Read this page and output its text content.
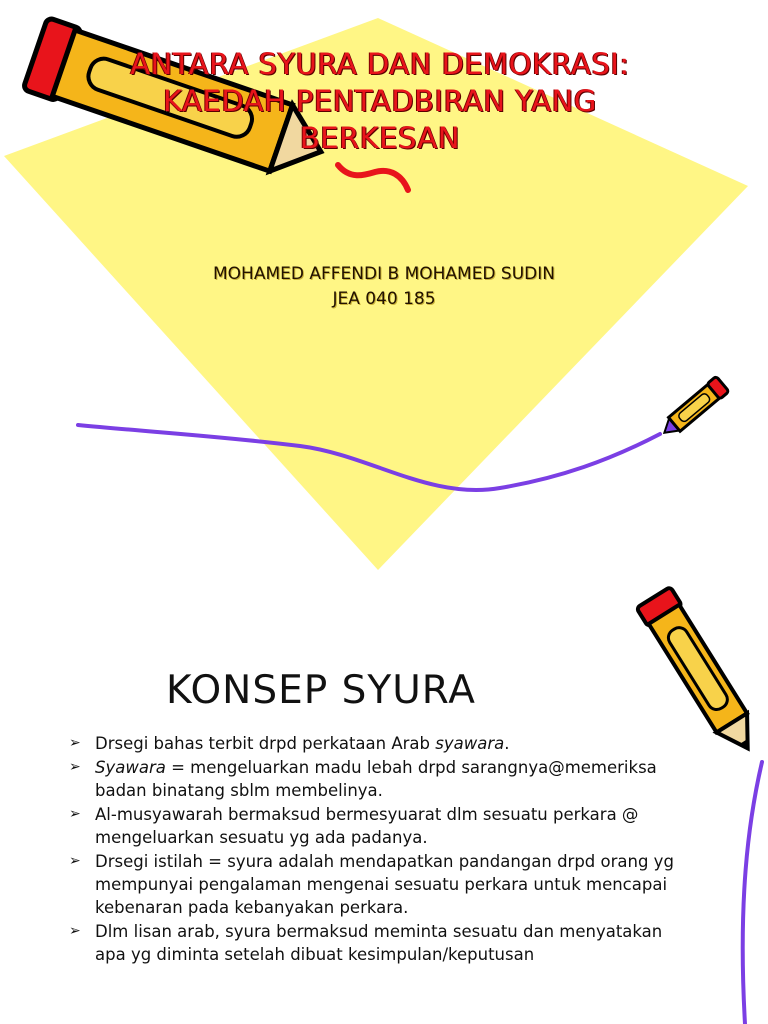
ANTARA SYURA DAN DEMOKRASI:
KAEDAH PENTADBIRAN YANG
BERKESAN
MOHAMED AFFENDI B MOHAMED SUDIN
JEA 040 185
KONSEP SYURA
➢ Drsegi bahas terbit drpd perkataan Arab syawara.
➢ Syawara = mengeluarkan madu lebah drpd sarangnya@memeriksa badan binatang sblm membelinya.
➢ Al-musyawarah bermaksud bermesyuarat dlm sesuatu perkara @ mengeluarkan sesuatu yg ada padanya.
➢ Drsegi istilah = syura adalah mendapatkan pandangan drpd orang yg mempunyai pengalaman mengenai sesuatu perkara untuk mencapai kebenaran pada kebanyakan perkara.
➢ Dlm lisan arab, syura bermaksud meminta sesuatu dan menyatakan apa yg diminta setelah dibuat kesimpulan/keputusan
